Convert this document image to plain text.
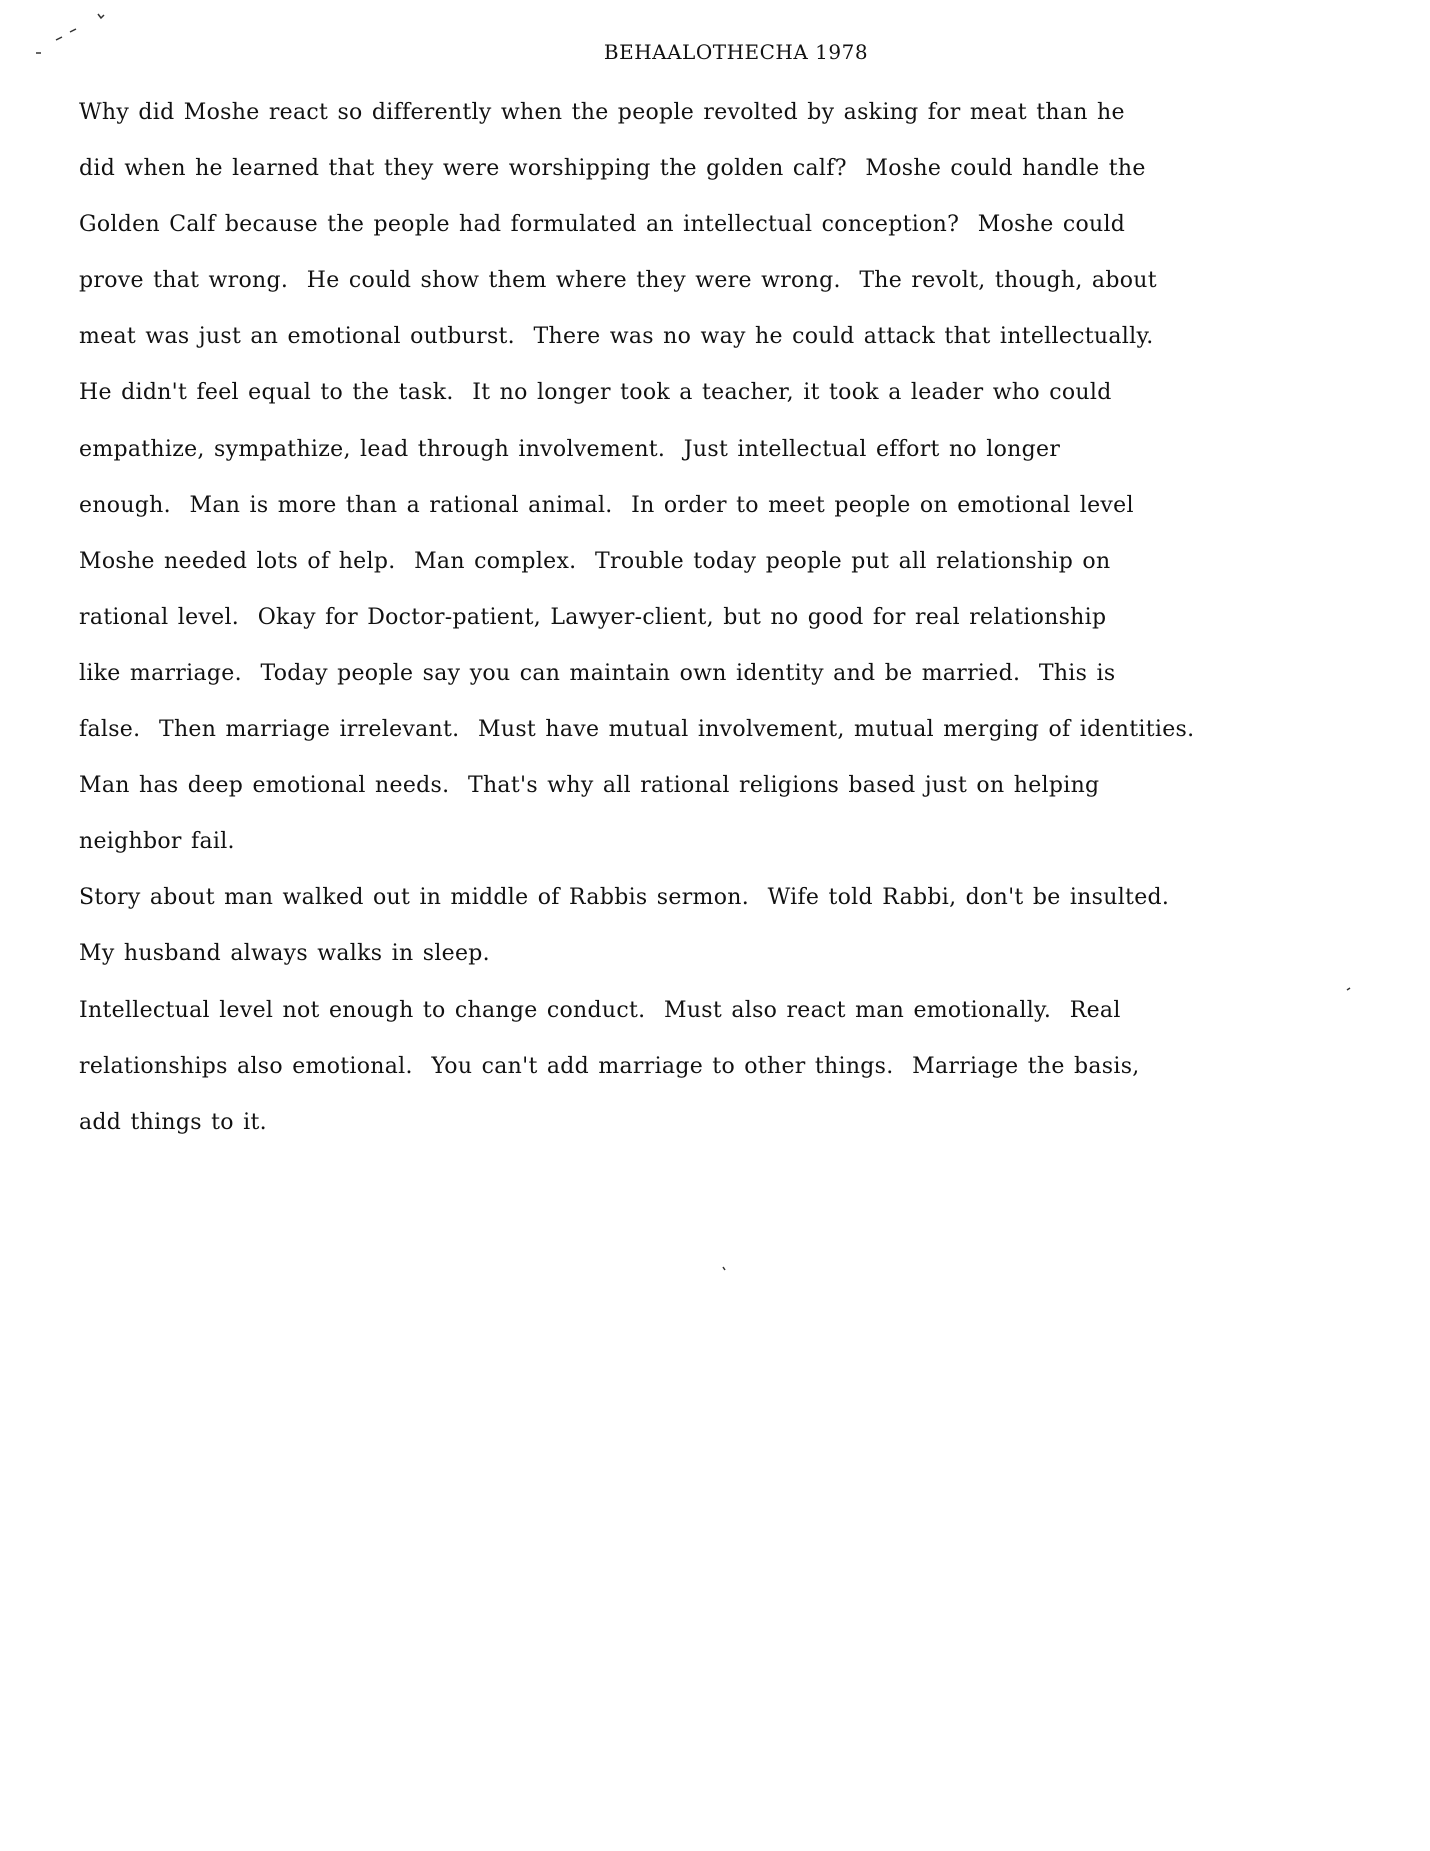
BEHAALOTHECHA 1978
Why did Moshe react so differently when the people revolted by asking for meat than he
did when he learned that they were worshipping the golden calf?  Moshe could handle the
Golden Calf because the people had formulated an intellectual conception?  Moshe could
prove that wrong.  He could show them where they were wrong.  The revolt, though, about
meat was just an emotional outburst.  There was no way he could attack that intellectually.
He didn't feel equal to the task.  It no longer took a teacher, it took a leader who could
empathize, sympathize, lead through involvement.  Just intellectual effort no longer
enough.  Man is more than a rational animal.  In order to meet people on emotional level
Moshe needed lots of help.  Man complex.  Trouble today people put all relationship on
rational level.  Okay for Doctor-patient, Lawyer-client, but no good for real relationship
like marriage.  Today people say you can maintain own identity and be married.  This is
false.  Then marriage irrelevant.  Must have mutual involvement, mutual merging of identities.
Man has deep emotional needs.  That's why all rational religions based just on helping
neighbor fail.
Story about man walked out in middle of Rabbis sermon.  Wife told Rabbi, don't be insulted.
My husband always walks in sleep.
Intellectual level not enough to change conduct.  Must also react man emotionally.  Real
relationships also emotional.  You can't add marriage to other things.  Marriage the basis,
add things to it.
